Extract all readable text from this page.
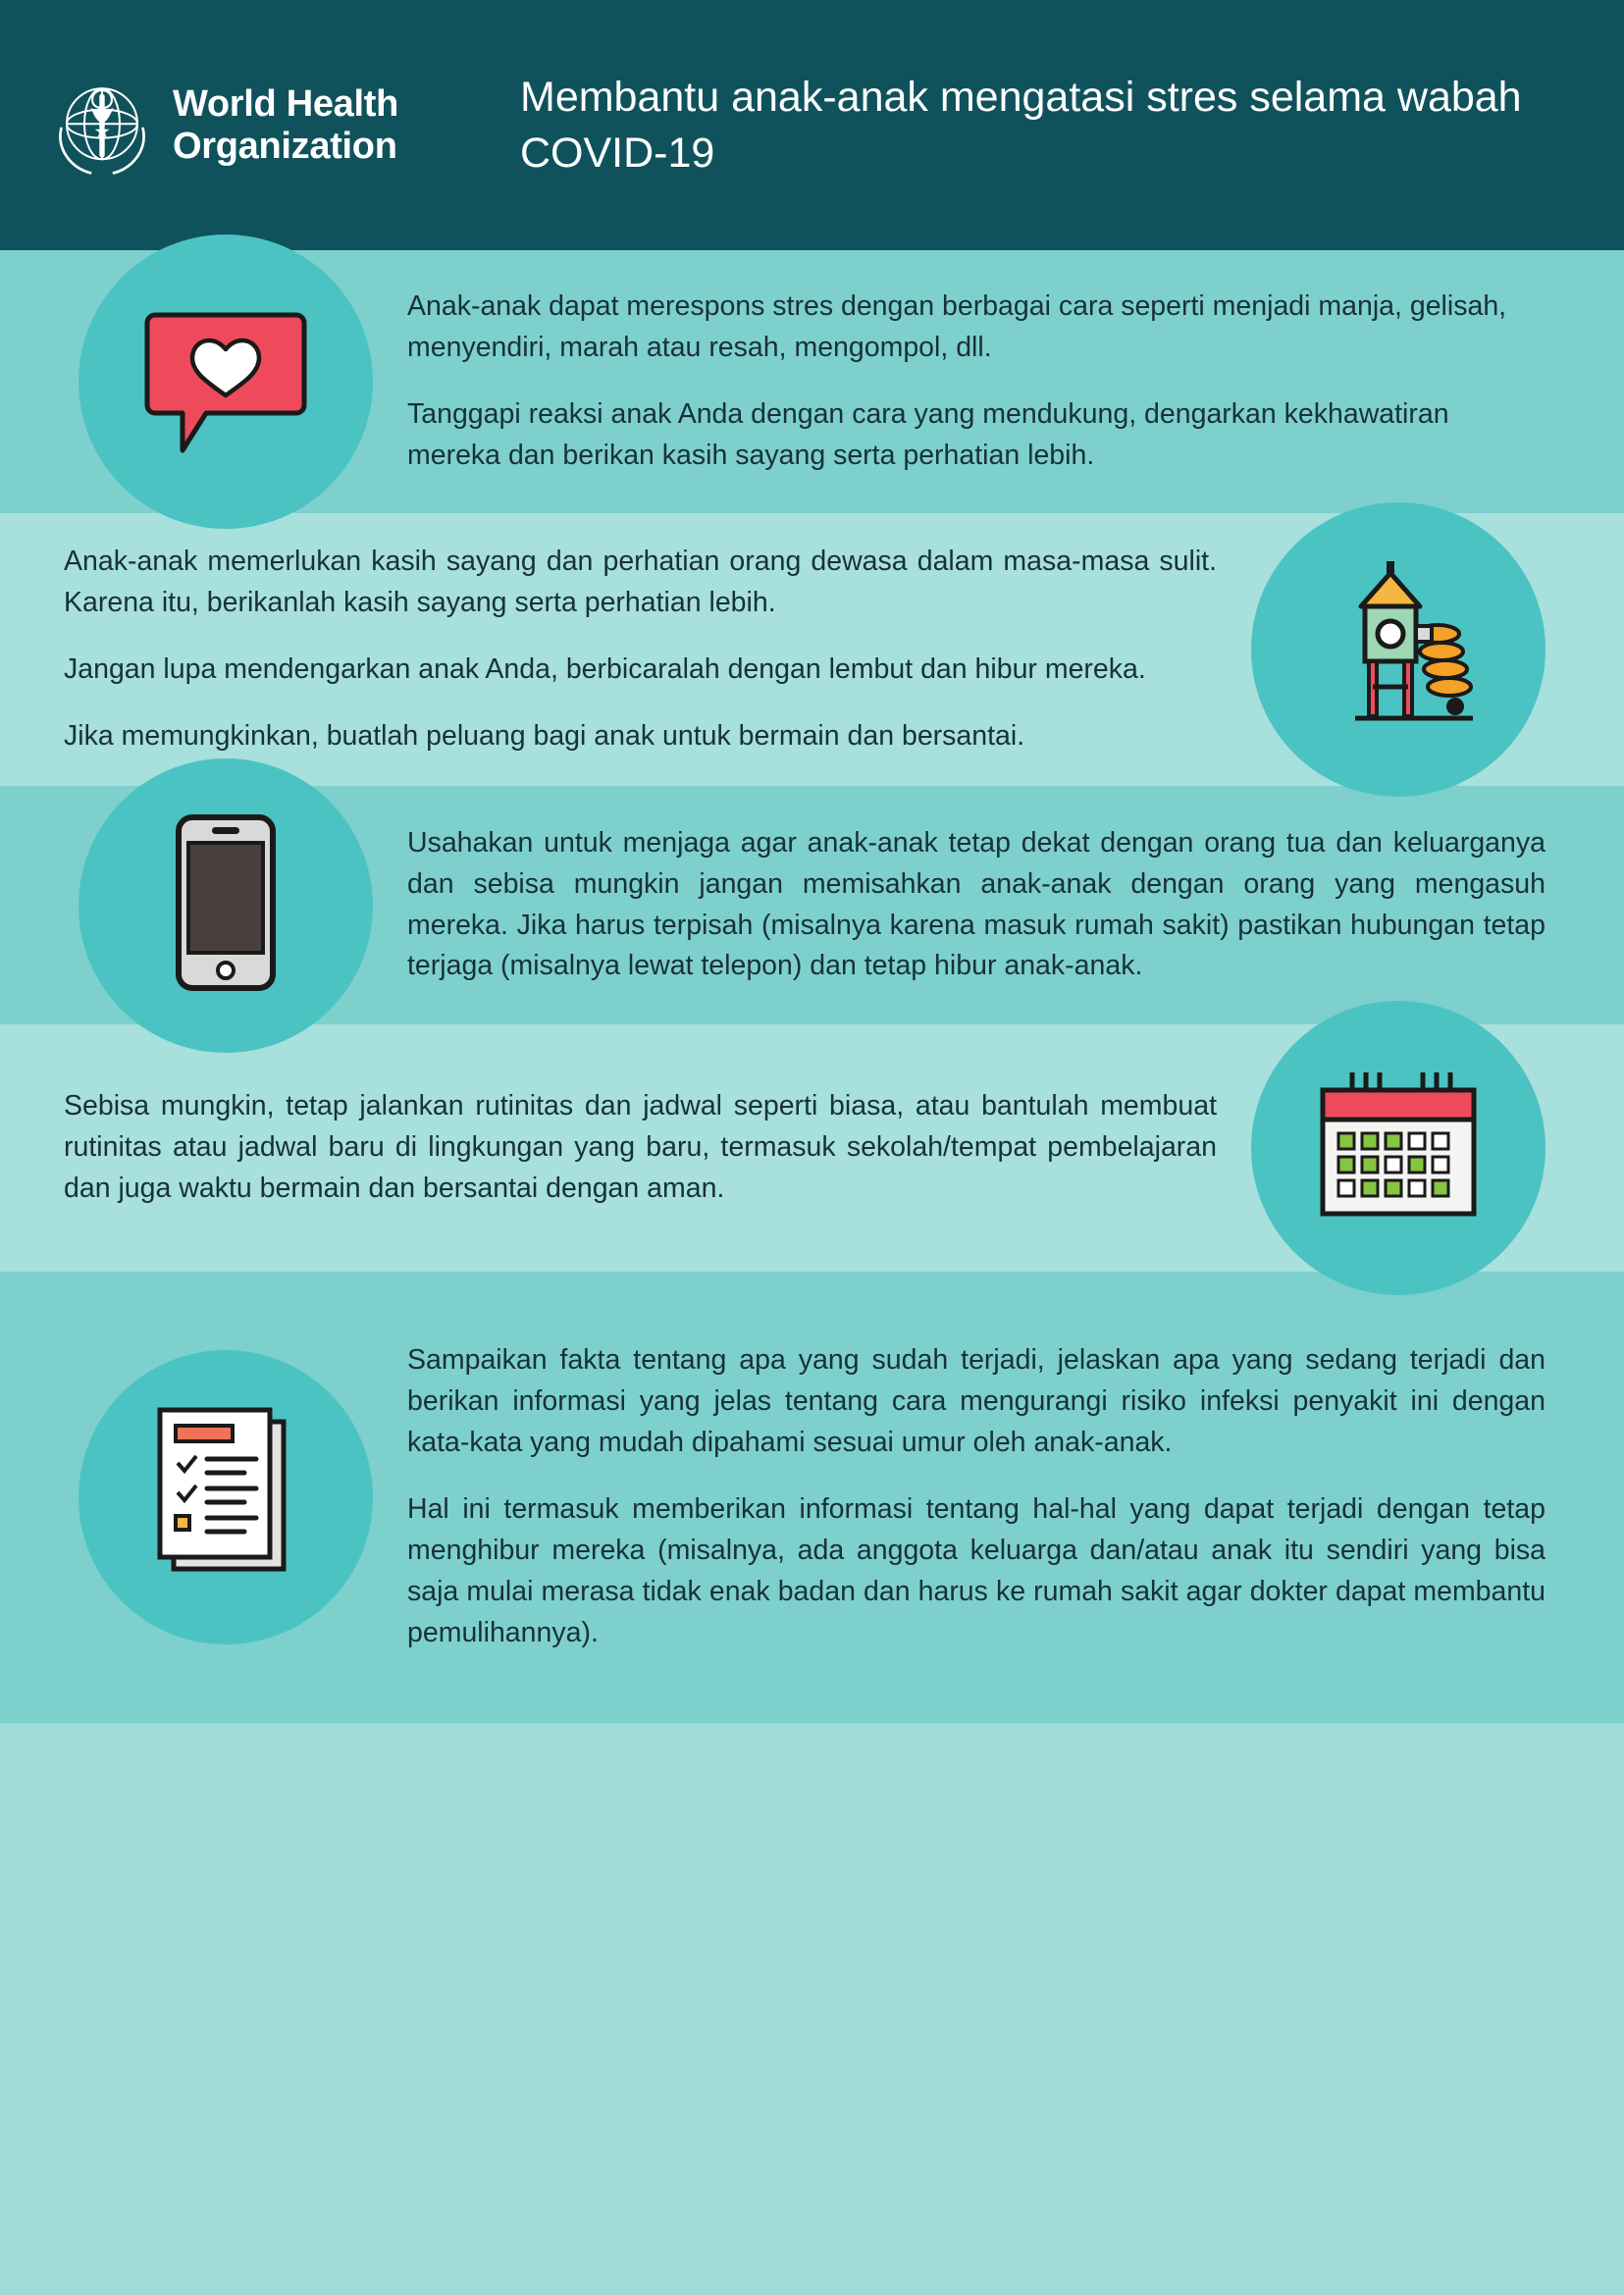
World Health
Organization
Membantu anak-anak mengatasi stres selama wabah COVID-19

Anak-anak dapat merespons stres dengan berbagai cara seperti menjadi manja, gelisah, menyendiri, marah atau resah, mengompol, dll.

Tanggapi reaksi anak Anda dengan cara yang mendukung, dengarkan kekhawatiran mereka dan berikan kasih sayang serta perhatian lebih.

Anak-anak memerlukan kasih sayang dan perhatian orang dewasa dalam masa-masa sulit. Karena itu, berikanlah kasih sayang serta perhatian lebih.

Jangan lupa mendengarkan anak Anda, berbicaralah dengan lembut dan hibur mereka.

Jika memungkinkan, buatlah peluang bagi anak untuk bermain dan bersantai.

Usahakan untuk menjaga agar anak-anak tetap dekat dengan orang tua dan keluarganya dan sebisa mungkin jangan memisahkan anak-anak dengan orang yang mengasuh mereka. Jika harus terpisah (misalnya karena masuk rumah sakit) pastikan hubungan tetap terjaga (misalnya lewat telepon) dan tetap hibur anak-anak.

Sebisa mungkin, tetap jalankan rutinitas dan jadwal seperti biasa, atau bantulah membuat rutinitas atau jadwal baru di lingkungan yang baru, termasuk sekolah/tempat pembelajaran dan juga waktu bermain dan bersantai dengan aman.

Sampaikan fakta tentang apa yang sudah terjadi, jelaskan apa yang sedang terjadi dan berikan informasi yang jelas tentang cara mengurangi risiko infeksi penyakit ini dengan kata-kata yang mudah dipahami sesuai umur oleh anak-anak.

Hal ini termasuk memberikan informasi tentang hal-hal yang dapat terjadi dengan tetap menghibur mereka (misalnya, ada anggota keluarga dan/atau anak itu sendiri yang bisa saja mulai merasa tidak enak badan dan harus ke rumah sakit agar dokter dapat membantu pemulihannya).
